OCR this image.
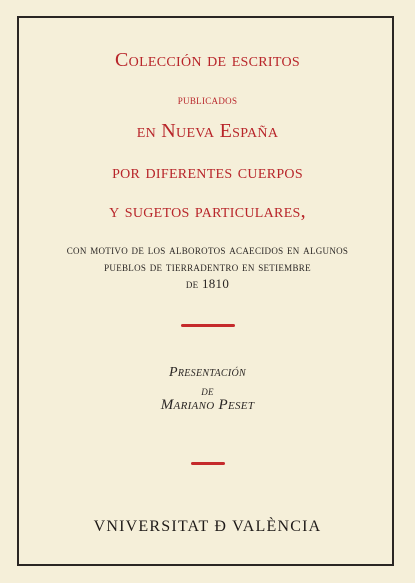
Colección de escritos
publicados
en Nueva España
por diferentes cuerpos
y sugetos particulares,
con motivo de los alborotos acaecidos en algunos
pueblos de tierradentro en setiembre
de 1810
Presentación
de
Mariano Peset
VNIVERSITAT Ð VALÈNCIA
